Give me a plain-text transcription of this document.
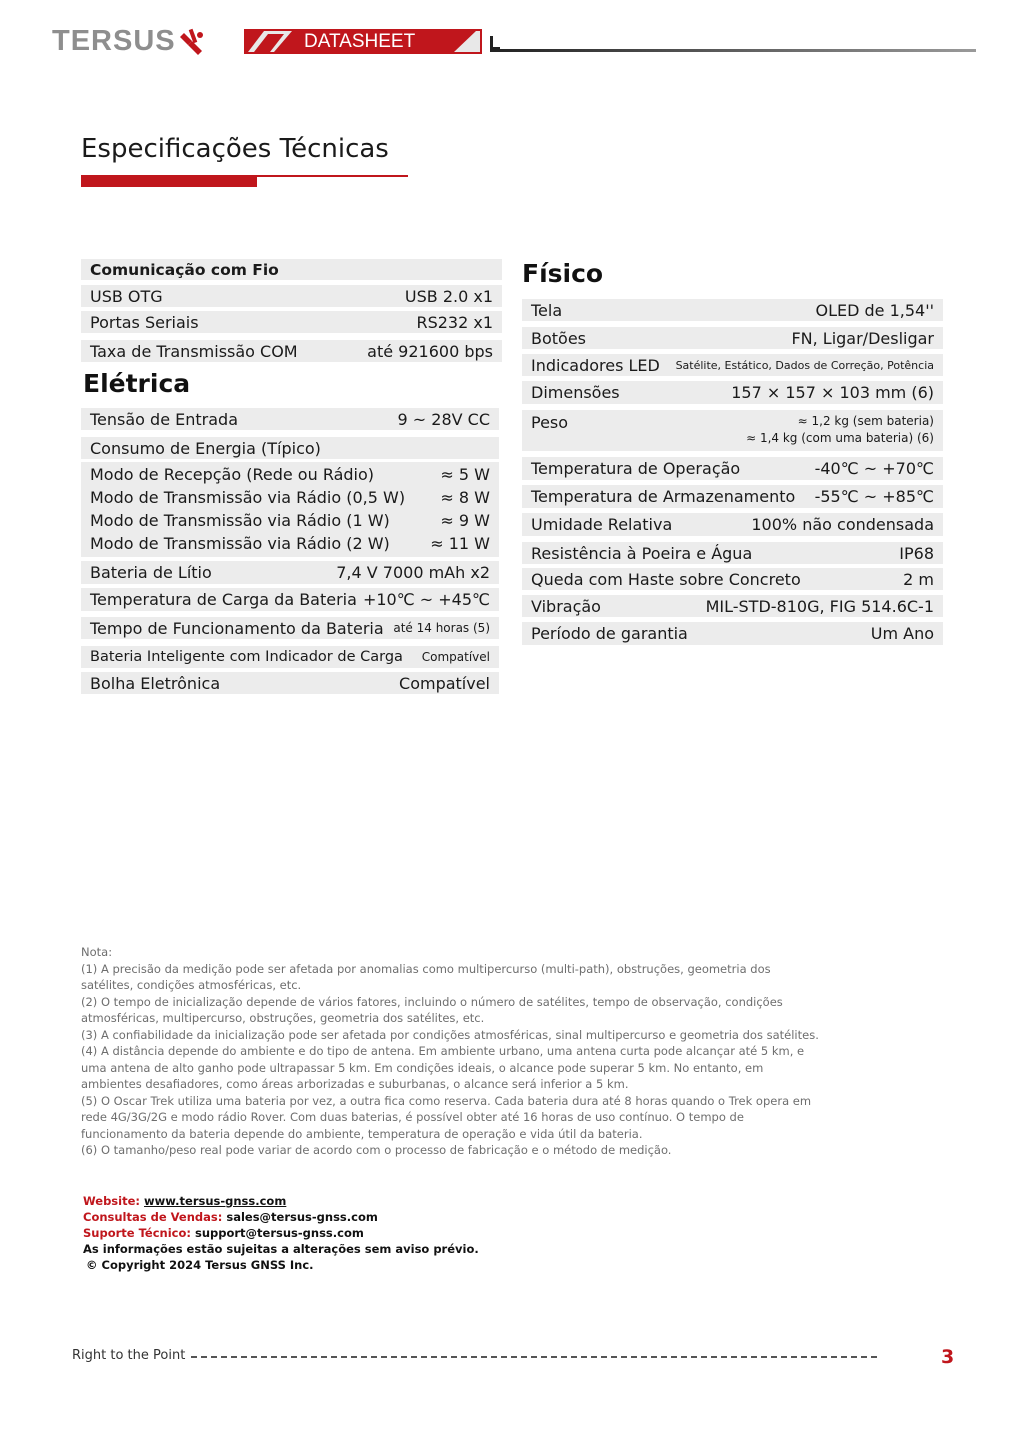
TERSUS	DATASHEET
Especificações Técnicas
Comunicação com Fio
USB OTG	USB 2.0 x1
Portas Seriais	RS232 x1
Taxa de Transmissão COM	até 921600 bps
Elétrica
Tensão de Entrada	9 ~ 28V CC
Consumo de Energia (Típico)
Modo de Recepção (Rede ou Rádio)	≈ 5 W
Modo de Transmissão via Rádio (0,5 W) ≈ 8 W
Modo de Transmissão via Rádio (1 W)	≈ 9 W
Modo de Transmissão via Rádio (2 W)	≈ 11 W
Bateria de Lítio	7,4 V 7000 mAh x2
Temperatura de Carga da Bateria +10℃ ~ +45℃
Tempo de Funcionamento da Bateria até 14 horas (5)
Bateria Inteligente com Indicador de Carga Compatível
Bolha Eletrônica	Compatível
Físico
Tela	OLED de 1,54''
Botões	FN, Ligar/Desligar
Indicadores LED Satélite, Estático, Dados de Correção, Potência
Dimensões	157 × 157 × 103 mm (6)
Peso	≈ 1,2 kg (sem bateria)
≈ 1,4 kg (com uma bateria) (6)
Temperatura de Operação	-40℃ ~ +70℃
Temperatura de Armazenamento -55℃ ~ +85℃
Umidade Relativa	100% não condensada
Resistência à Poeira e Água	IP68
Queda com Haste sobre Concreto	2 m
Vibração	MIL-STD-810G, FIG 514.6C-1
Período de garantia	Um Ano

Nota:

(1) A precisão da medição pode ser afetada por anomalias como multipercurso (multi-path), obstruções, geometria dos satélites, condições atmosféricas, etc.

(2) O tempo de inicialização depende de vários fatores, incluindo o número de satélites, tempo de observação, condições atmosféricas, multipercurso, obstruções, geometria dos satélites, etc.

(3) A confiabilidade da inicialização pode ser afetada por condições atmosféricas, sinal multipercurso e geometria dos satélites.

(4) A distância depende do ambiente e do tipo de antena. Em ambiente urbano, uma antena curta pode alcançar até 5 km, e uma antena de alto ganho pode ultrapassar 5 km. Em condições ideais, o alcance pode superar 5 km. No entanto, em ambientes desafiadores, como áreas arborizadas e suburbanas, o alcance será inferior a 5 km.

(5) O Oscar Trek utiliza uma bateria por vez, a outra fica como reserva. Cada bateria dura até 8 horas quando o Trek opera em rede 4G/3G/2G e modo rádio Rover. Com duas baterias, é possível obter até 16 horas de uso contínuo. O tempo de funcionamento da bateria depende do ambiente, temperatura de operação e vida útil da bateria.

(6) O tamanho/peso real pode variar de acordo com o processo de fabricação e o método de medição.

Website: www.tersus-gnss.com
Consultas de Vendas: sales@tersus-gnss.com
Suporte Técnico: support@tersus-gnss.com
As informações estão sujeitas a alterações sem aviso prévio.
© Copyright 2024 Tersus GNSS Inc.
Right to the Point	3
